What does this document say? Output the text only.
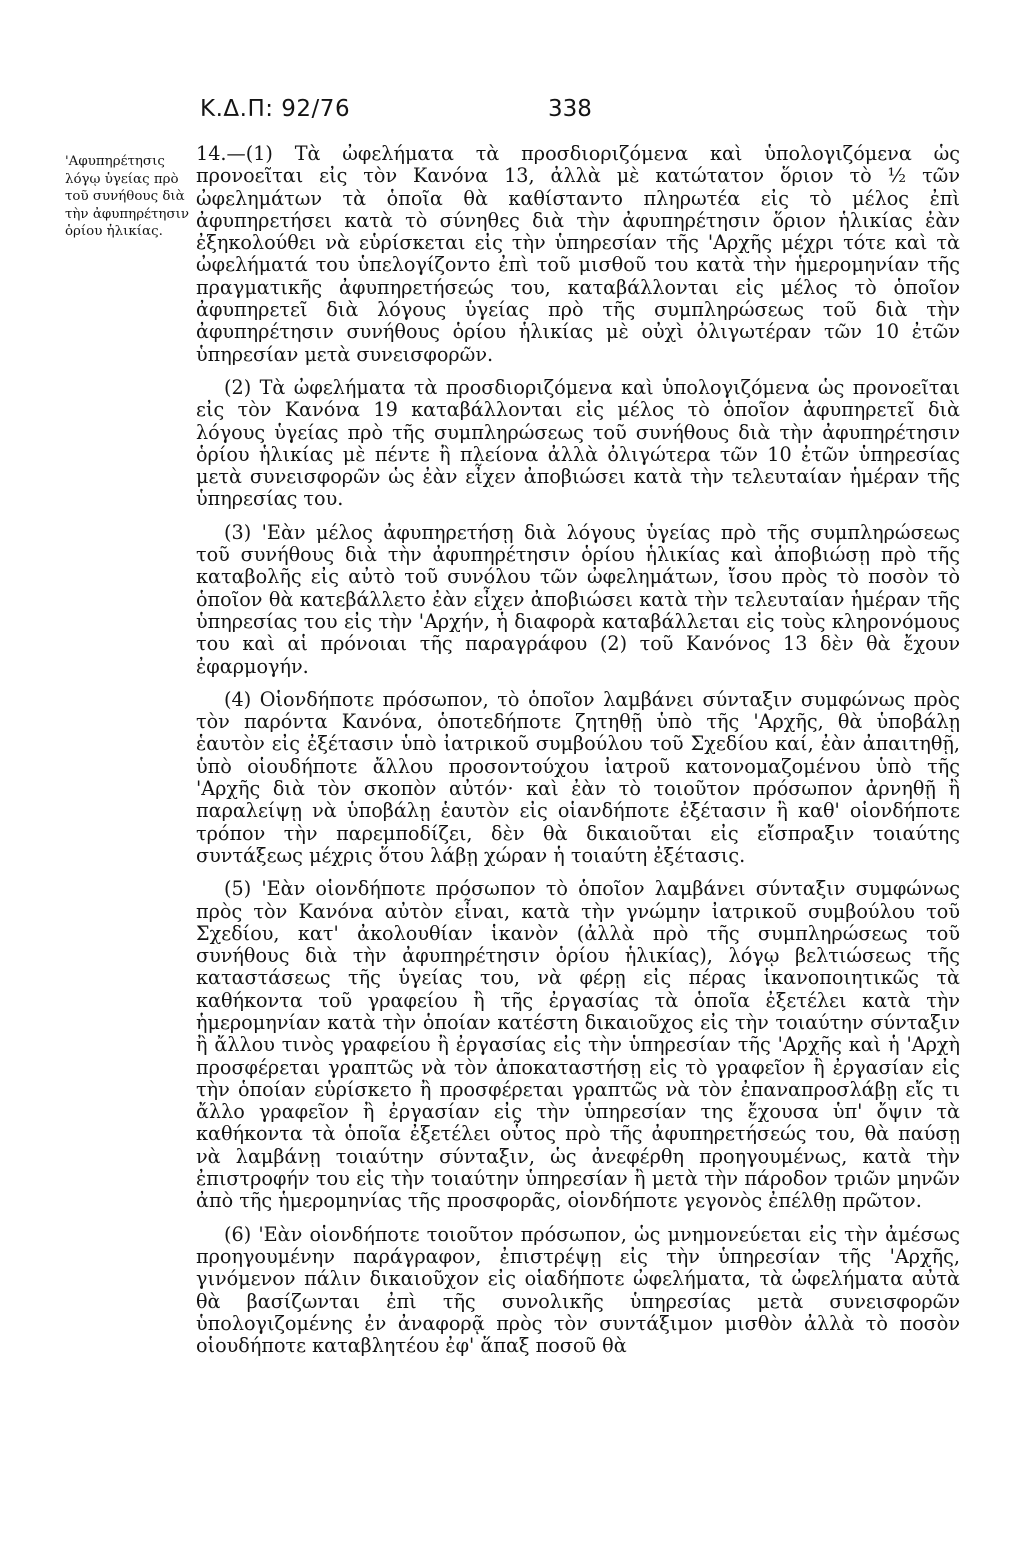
Κ.Δ.Π: 92/76	338
'Αφυπηρέτησις λόγῳ ὑγείας πρὸ τοῦ συνήθους διὰ τὴν ἀφυπηρέτησιν ὁρίου ἡλικίας.

14.—(1) Τὰ ὠφελήματα τὰ προσδιοριζόμενα καὶ ὑπολογιζόμενα ὡς προνοεῖται εἰς τὸν Κανόνα 13, ἀλλὰ μὲ κατώτατον ὅριον τὸ ½ τῶν ὠφελημάτων τὰ ὁποῖα θὰ καθίσταντο πληρωτέα εἰς τὸ μέλος ἐπὶ ἀφυπηρετήσει κατὰ τὸ σύνηθες διὰ τὴν ἀφυπηρέτησιν ὅριον ἡλικίας ἐὰν ἐξηκολούθει νὰ εὑρίσκεται εἰς τὴν ὑπηρεσίαν τῆς 'Αρχῆς μέχρι τότε καὶ τὰ ὠφελήματά του ὑπελογίζοντο ἐπὶ τοῦ μισθοῦ του κατὰ τὴν ἡμερομηνίαν τῆς πραγματικῆς ἀφυπηρετήσεώς του, καταβάλλονται εἰς μέλος τὸ ὁποῖον ἀφυπηρετεῖ διὰ λόγους ὑγείας πρὸ τῆς συμπληρώσεως τοῦ διὰ τὴν ἀφυπηρέτησιν συνήθους ὁρίου ἡλικίας μὲ οὐχὶ ὀλιγωτέραν τῶν 10 ἐτῶν ὑπηρεσίαν μετὰ συνεισφορῶν.

(2) Τὰ ὠφελήματα τὰ προσδιοριζόμενα καὶ ὑπολογιζόμενα ὡς προνοεῖται εἰς τὸν Κανόνα 19 καταβάλλονται εἰς μέλος τὸ ὁποῖον ἀφυπηρετεῖ διὰ λόγους ὑγείας πρὸ τῆς συμπληρώσεως τοῦ συνήθους διὰ τὴν ἀφυπηρέτησιν ὁρίου ἡλικίας μὲ πέντε ἢ πλείονα ἀλλὰ ὀλιγώτερα τῶν 10 ἐτῶν ὑπηρεσίας μετὰ συνεισφορῶν ὡς ἐὰν εἶχεν ἀποβιώσει κατὰ τὴν τελευταίαν ἡμέραν τῆς ὑπηρεσίας του.

(3) 'Εὰν μέλος ἀφυπηρετήσῃ διὰ λόγους ὑγείας πρὸ τῆς συμπληρώσεως τοῦ συνήθους διὰ τὴν ἀφυπηρέτησιν ὁρίου ἡλικίας καὶ ἀποβιώσῃ πρὸ τῆς καταβολῆς εἰς αὐτὸ τοῦ συνόλου τῶν ὠφελημάτων, ἴσου πρὸς τὸ ποσὸν τὸ ὁποῖον θὰ κατεβάλλετο ἐὰν εἶχεν ἀποβιώσει κατὰ τὴν τελευταίαν ἡμέραν τῆς ὑπηρεσίας του εἰς τὴν 'Αρχήν, ἡ διαφορὰ καταβάλλεται εἰς τοὺς κληρονόμους του καὶ αἱ πρόνοιαι τῆς παραγράφου (2) τοῦ Κανόνος 13 δὲν θὰ ἔχουν ἐφαρμογήν.

(4) Οἱονδήποτε πρόσωπον, τὸ ὁποῖον λαμβάνει σύνταξιν συμφώνως πρὸς τὸν παρόντα Κανόνα, ὁποτεδήποτε ζητηθῇ ὑπὸ τῆς 'Αρχῆς, θὰ ὑποβάλῃ ἑαυτὸν εἰς ἐξέτασιν ὑπὸ ἰατρικοῦ συμβούλου τοῦ Σχεδίου καί, ἐὰν ἀπαιτηθῇ, ὑπὸ οἱουδήποτε ἄλλου προσοντούχου ἰατροῦ κατονομαζομένου ὑπὸ τῆς 'Αρχῆς διὰ τὸν σκοπὸν αὐτόν· καὶ ἐὰν τὸ τοιοῦτον πρόσωπον ἀρνηθῇ ἢ παραλείψῃ νὰ ὑποβάλῃ ἑαυτὸν εἰς οἱανδήποτε ἐξέτασιν ἢ καθ' οἱονδήποτε τρόπον τὴν παρεμποδίζει, δὲν θὰ δικαιοῦται εἰς εἴσπραξιν τοιαύτης συντάξεως μέχρις ὅτου λάβῃ χώραν ἡ τοιαύτη ἐξέτασις.

(5) 'Εὰν οἱονδήποτε πρόσωπον τὸ ὁποῖον λαμβάνει σύνταξιν συμφώνως πρὸς τὸν Κανόνα αὐτὸν εἶναι, κατὰ τὴν γνώμην ἰατρικοῦ συμβούλου τοῦ Σχεδίου, κατ' ἀκολουθίαν ἱκανὸν (ἀλλὰ πρὸ τῆς συμπληρώσεως τοῦ συνήθους διὰ τὴν ἀφυπηρέτησιν ὁρίου ἡλικίας), λόγῳ βελτιώσεως τῆς καταστάσεως τῆς ὑγείας του, νὰ φέρῃ εἰς πέρας ἱκανοποιητικῶς τὰ καθήκοντα τοῦ γραφείου ἢ τῆς ἐργασίας τὰ ὁποῖα ἐξετέλει κατὰ τὴν ἡμερομηνίαν κατὰ τὴν ὁποίαν κατέστη δικαιοῦχος εἰς τὴν τοιαύτην σύνταξιν ἢ ἄλλου τινὸς γραφείου ἢ ἐργασίας εἰς τὴν ὑπηρεσίαν τῆς 'Αρχῆς καὶ ἡ 'Αρχὴ προσφέρεται γραπτῶς νὰ τὸν ἀποκαταστήσῃ εἰς τὸ γραφεῖον ἢ ἐργασίαν εἰς τὴν ὁποίαν εὑρίσκετο ἢ προσφέρεται γραπτῶς νὰ τὸν ἐπαναπροσλάβῃ εἴς τι ἄλλο γραφεῖον ἢ ἐργασίαν εἰς τὴν ὑπηρεσίαν της ἔχουσα ὑπ' ὄψιν τὰ καθήκοντα τὰ ὁποῖα ἐξετέλει οὗτος πρὸ τῆς ἀφυπηρετήσεώς του, θὰ παύσῃ νὰ λαμβάνῃ τοιαύτην σύνταξιν, ὡς ἀνεφέρθη προηγουμένως, κατὰ τὴν ἐπιστροφήν του εἰς τὴν τοιαύτην ὑπηρεσίαν ἢ μετὰ τὴν πάροδον τριῶν μηνῶν ἀπὸ τῆς ἡμερομηνίας τῆς προσφορᾶς, οἱονδήποτε γεγονὸς ἐπέλθῃ πρῶτον.

(6) 'Εὰν οἱονδήποτε τοιοῦτον πρόσωπον, ὡς μνημονεύεται εἰς τὴν ἀμέσως προηγουμένην παράγραφον, ἐπιστρέψῃ εἰς τὴν ὑπηρεσίαν τῆς 'Αρχῆς, γινόμενον πάλιν δικαιοῦχον εἰς οἱαδήποτε ὠφελήματα, τὰ ὠφελήματα αὐτὰ θὰ βασίζωνται ἐπὶ τῆς συνολικῆς ὑπηρεσίας μετὰ συνεισφορῶν ὑπολογιζομένης ἐν ἀναφορᾷ πρὸς τὸν συντάξιμον μισθὸν ἀλλὰ τὸ ποσὸν οἱουδήποτε καταβλητέου ἐφ' ἅπαξ ποσοῦ θὰ
